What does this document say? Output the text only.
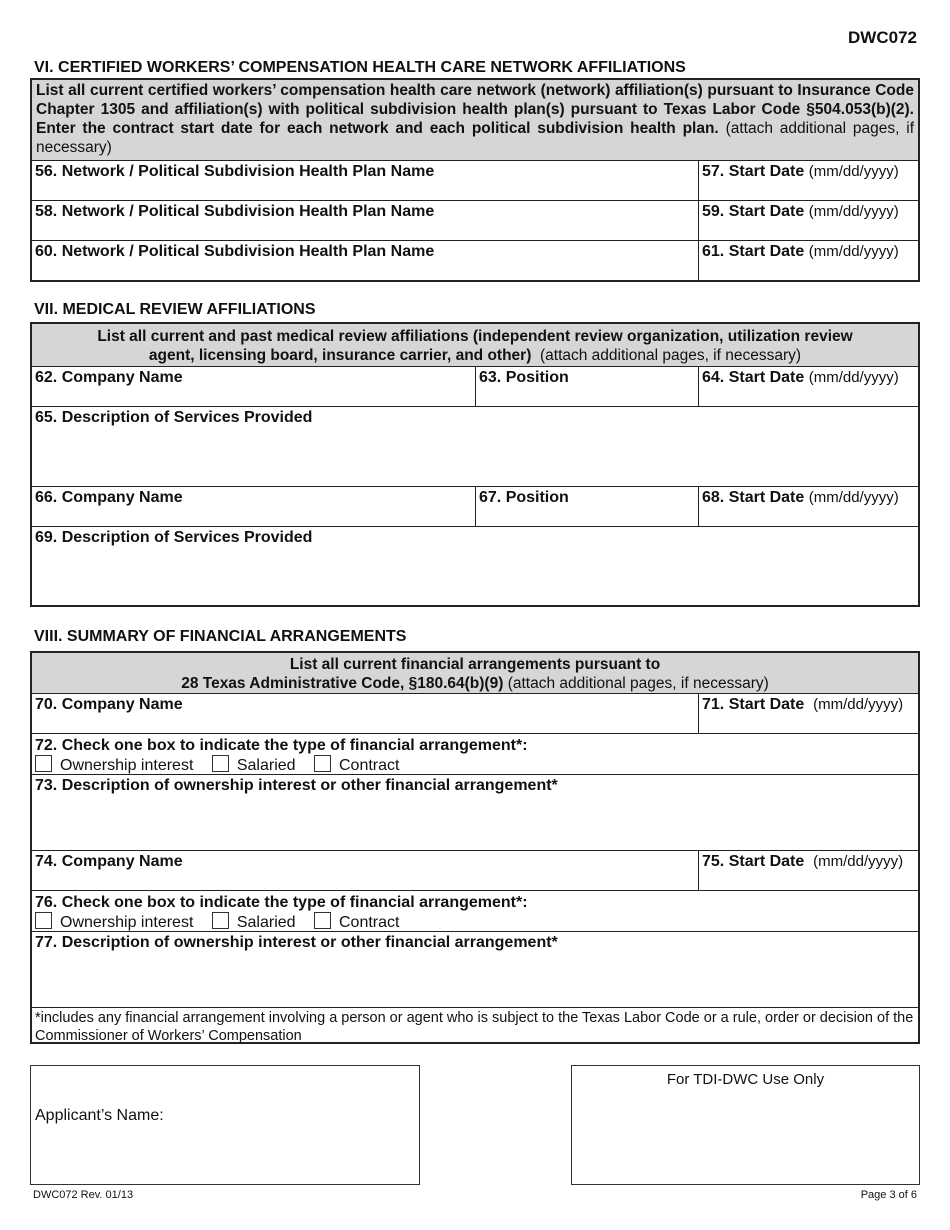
DWC072
VI. CERTIFIED WORKERS’ COMPENSATION HEALTH CARE NETWORK AFFILIATIONS
List all current certified workers’ compensation health care network (network) affiliation(s) pursuant to Insurance Code Chapter 1305 and affiliation(s) with political subdivision health plan(s) pursuant to Texas Labor Code §504.053(b)(2). Enter the contract start date for each network and each political subdivision health plan. (attach additional pages, if necessary)
56. Network / Political Subdivision Health Plan Name	57. Start Date (mm/dd/yyyy)
58. Network / Political Subdivision Health Plan Name	59. Start Date (mm/dd/yyyy)
60. Network / Political Subdivision Health Plan Name	61. Start Date (mm/dd/yyyy)
VII. MEDICAL REVIEW AFFILIATIONS
List all current and past medical review affiliations (independent review organization, utilization review
agent, licensing board, insurance carrier, and other) (attach additional pages, if necessary)
62. Company Name	63. Position	64. Start Date (mm/dd/yyyy)
65. Description of Services Provided
66. Company Name	67. Position	68. Start Date (mm/dd/yyyy)
69. Description of Services Provided
VIII. SUMMARY OF FINANCIAL ARRANGEMENTS
List all current financial arrangements pursuant to
28 Texas Administrative Code, §180.64(b)(9) (attach additional pages, if necessary)
70. Company Name	71. Start Date (mm/dd/yyyy)
72. Check one box to indicate the type of financial arrangement*:
Ownership interest	Salaried	Contract
73. Description of ownership interest or other financial arrangement*
74. Company Name	75. Start Date (mm/dd/yyyy)
76. Check one box to indicate the type of financial arrangement*:
Ownership interest	Salaried	Contract
77. Description of ownership interest or other financial arrangement*
*includes any financial arrangement involving a person or agent who is subject to the Texas Labor Code or a rule, order or decision of the Commissioner of Workers’ Compensation
Applicant’s Name:
For TDI-DWC Use Only
DWC072 Rev. 01/13	Page 3 of 6
